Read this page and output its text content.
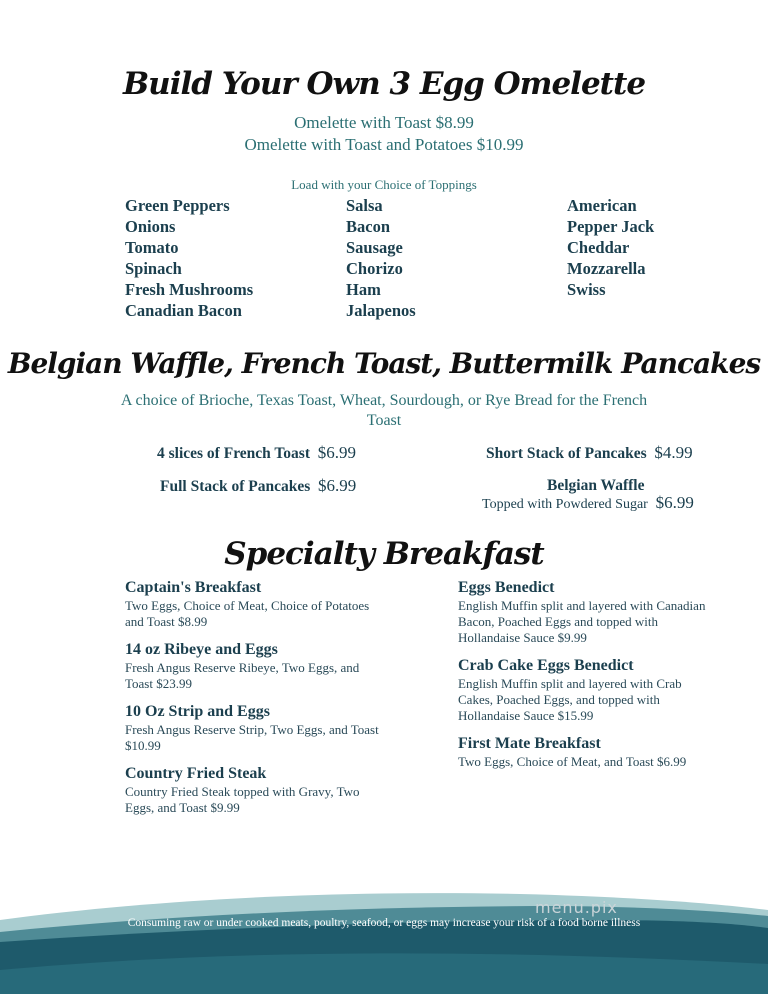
Build Your Own 3 Egg Omelette
Omelette with Toast $8.99
Omelette with Toast and Potatoes $10.99
Load with your Choice of Toppings
Green Peppers
Onions
Tomato
Spinach
Fresh Mushrooms
Canadian Bacon
Salsa
Bacon
Sausage
Chorizo
Ham
Jalapenos
American
Pepper Jack
Cheddar
Mozzarella
Swiss
Belgian Waffle, French Toast, Buttermilk Pancakes
A choice of Brioche, Texas Toast, Wheat, Sourdough, or Rye Bread for the French
Toast
4 slices of French Toast $6.99
Full Stack of Pancakes $6.99
Short Stack of Pancakes $4.99
Belgian Waffle
Topped with Powdered Sugar $6.99
Specialty Breakfast
Captain's Breakfast
Two Eggs, Choice of Meat, Choice of Potatoes
and Toast $8.99
14 oz Ribeye and Eggs
Fresh Angus Reserve Ribeye, Two Eggs, and
Toast $23.99
10 Oz Strip and Eggs
Fresh Angus Reserve Strip, Two Eggs, and Toast
$10.99
Country Fried Steak
Country Fried Steak topped with Gravy, Two
Eggs, and Toast $9.99
Eggs Benedict
English Muffin split and layered with Canadian
Bacon, Poached Eggs and topped with
Hollandaise Sauce $9.99
Crab Cake Eggs Benedict
English Muffin split and layered with Crab
Cakes, Poached Eggs, and topped with
Hollandaise Sauce $15.99
First Mate Breakfast
Two Eggs, Choice of Meat, and Toast $6.99
menu.pix
Consuming raw or under cooked meats, poultry, seafood, or eggs may increase your risk of a food borne illness
